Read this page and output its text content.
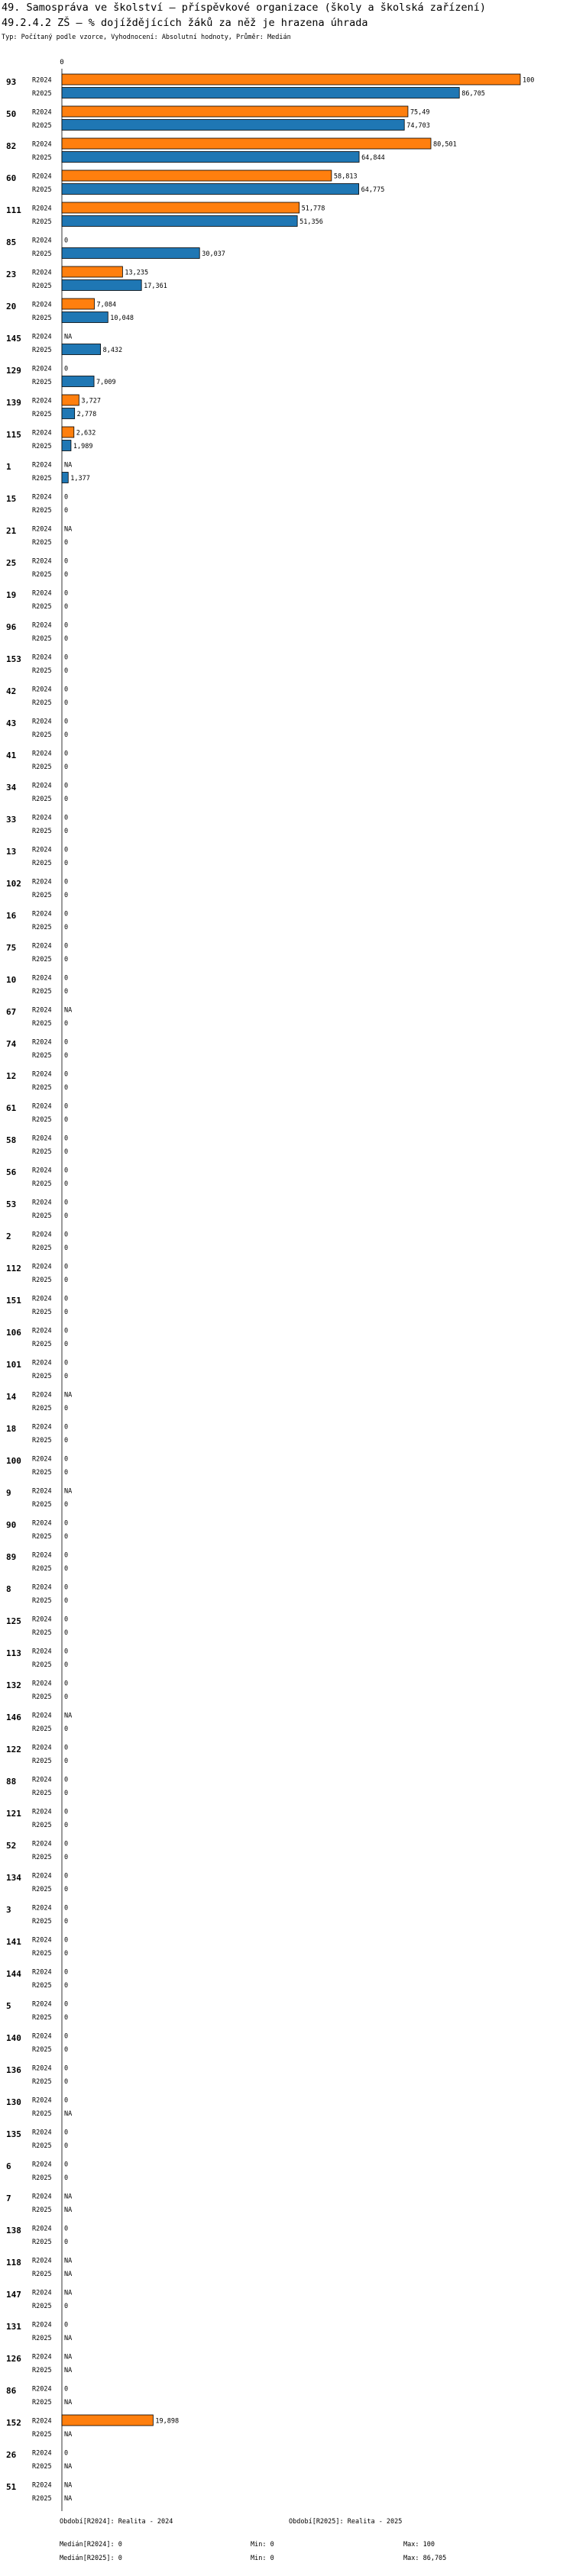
49. Samospráva ve školství – příspěvkové organizace (školy a školská zařízení)
49.2.4.2 ZŠ – % dojíždějících žáků za něž je hrazena úhrada
Typ: Počítaný podle vzorce, Vyhodnocení: Absolutní hodnoty, Průměr: Medián
0
93 R2024	100
R2025	86,705
50 R2024	75,49
R2025	74,703
82 R2024	80,501
R2025	64,844
60 R2024	58,813
R2025	64,775
111 R2024	51,778
R2025	51,356
85 R2024 0
R2025	30,037
23 R2024	13,235
R2025	17,361
20 R2024	7,084
R2025	10,048
145 R2024 NA
R2025	8,432
129 R2024 0
R2025	7,009
139 R2024	3,727
R2025	2,778
115 R2024	2,632
R2025	1,989
1	R2024 NA
R2025	1,377
15 R2024 0
R2025 0
21 R2024 NA
R2025 0
25 R2024 0
R2025 0
19 R2024 0
R2025 0
96 R2024 0
R2025 0
153 R2024 0
R2025 0
42 R2024 0
R2025 0
43 R2024 0
R2025 0
41 R2024 0
R2025 0
34 R2024 0
R2025 0
33 R2024 0
R2025 0
13 R2024 0
R2025 0
102 R2024 0
R2025 0
16 R2024 0
R2025 0
75 R2024 0
R2025 0
10 R2024 0
R2025 0
67 R2024 NA
R2025 0
74 R2024 0
R2025 0
12 R2024 0
R2025 0
61 R2024 0
R2025 0
58 R2024 0
R2025 0
56 R2024 0
R2025 0
53 R2024 0
R2025 0
2	R2024 0
R2025 0
112 R2024 0
R2025 0
151 R2024 0
R2025 0
106 R2024 0
R2025 0
101 R2024 0
R2025 0
14 R2024 NA
R2025 0
18 R2024 0
R2025 0
100 R2024 0
R2025 0
9	R2024 NA
R2025 0
90 R2024 0
R2025 0
89 R2024 0
R2025 0
8	R2024 0
R2025 0
125 R2024 0
R2025 0
113 R2024 0
R2025 0
132 R2024 0
R2025 0
146 R2024 NA
R2025 0
122 R2024 0
R2025 0
88 R2024 0
R2025 0
121 R2024 0
R2025 0
52 R2024 0
R2025 0
134 R2024 0
R2025 0
3	R2024 0
R2025 0
141 R2024 0
R2025 0
144 R2024 0
R2025 0
5	R2024 0
R2025 0
140 R2024 0
R2025 0
136 R2024 0
R2025 0
130 R2024 0
R2025 NA
135 R2024 0
R2025 0
6	R2024 0
R2025 0
7	R2024 NA
R2025 NA
138 R2024 0
R2025 0
118 R2024 NA
R2025 NA
147 R2024 NA
R2025 0
131 R2024 0
R2025 NA
126 R2024 NA
R2025 NA
86 R2024 0
R2025 NA
152 R2024	19,898
R2025 NA
26 R2024 0
R2025 NA
51 R2024 NA
R2025 NA
Období[R2024]: Realita - 2024	Období[R2025]: Realita - 2025
Medián[R2024]: 0	Min: 0	Max: 100
Medián[R2025]: 0	Min: 0	Max: 86,705
